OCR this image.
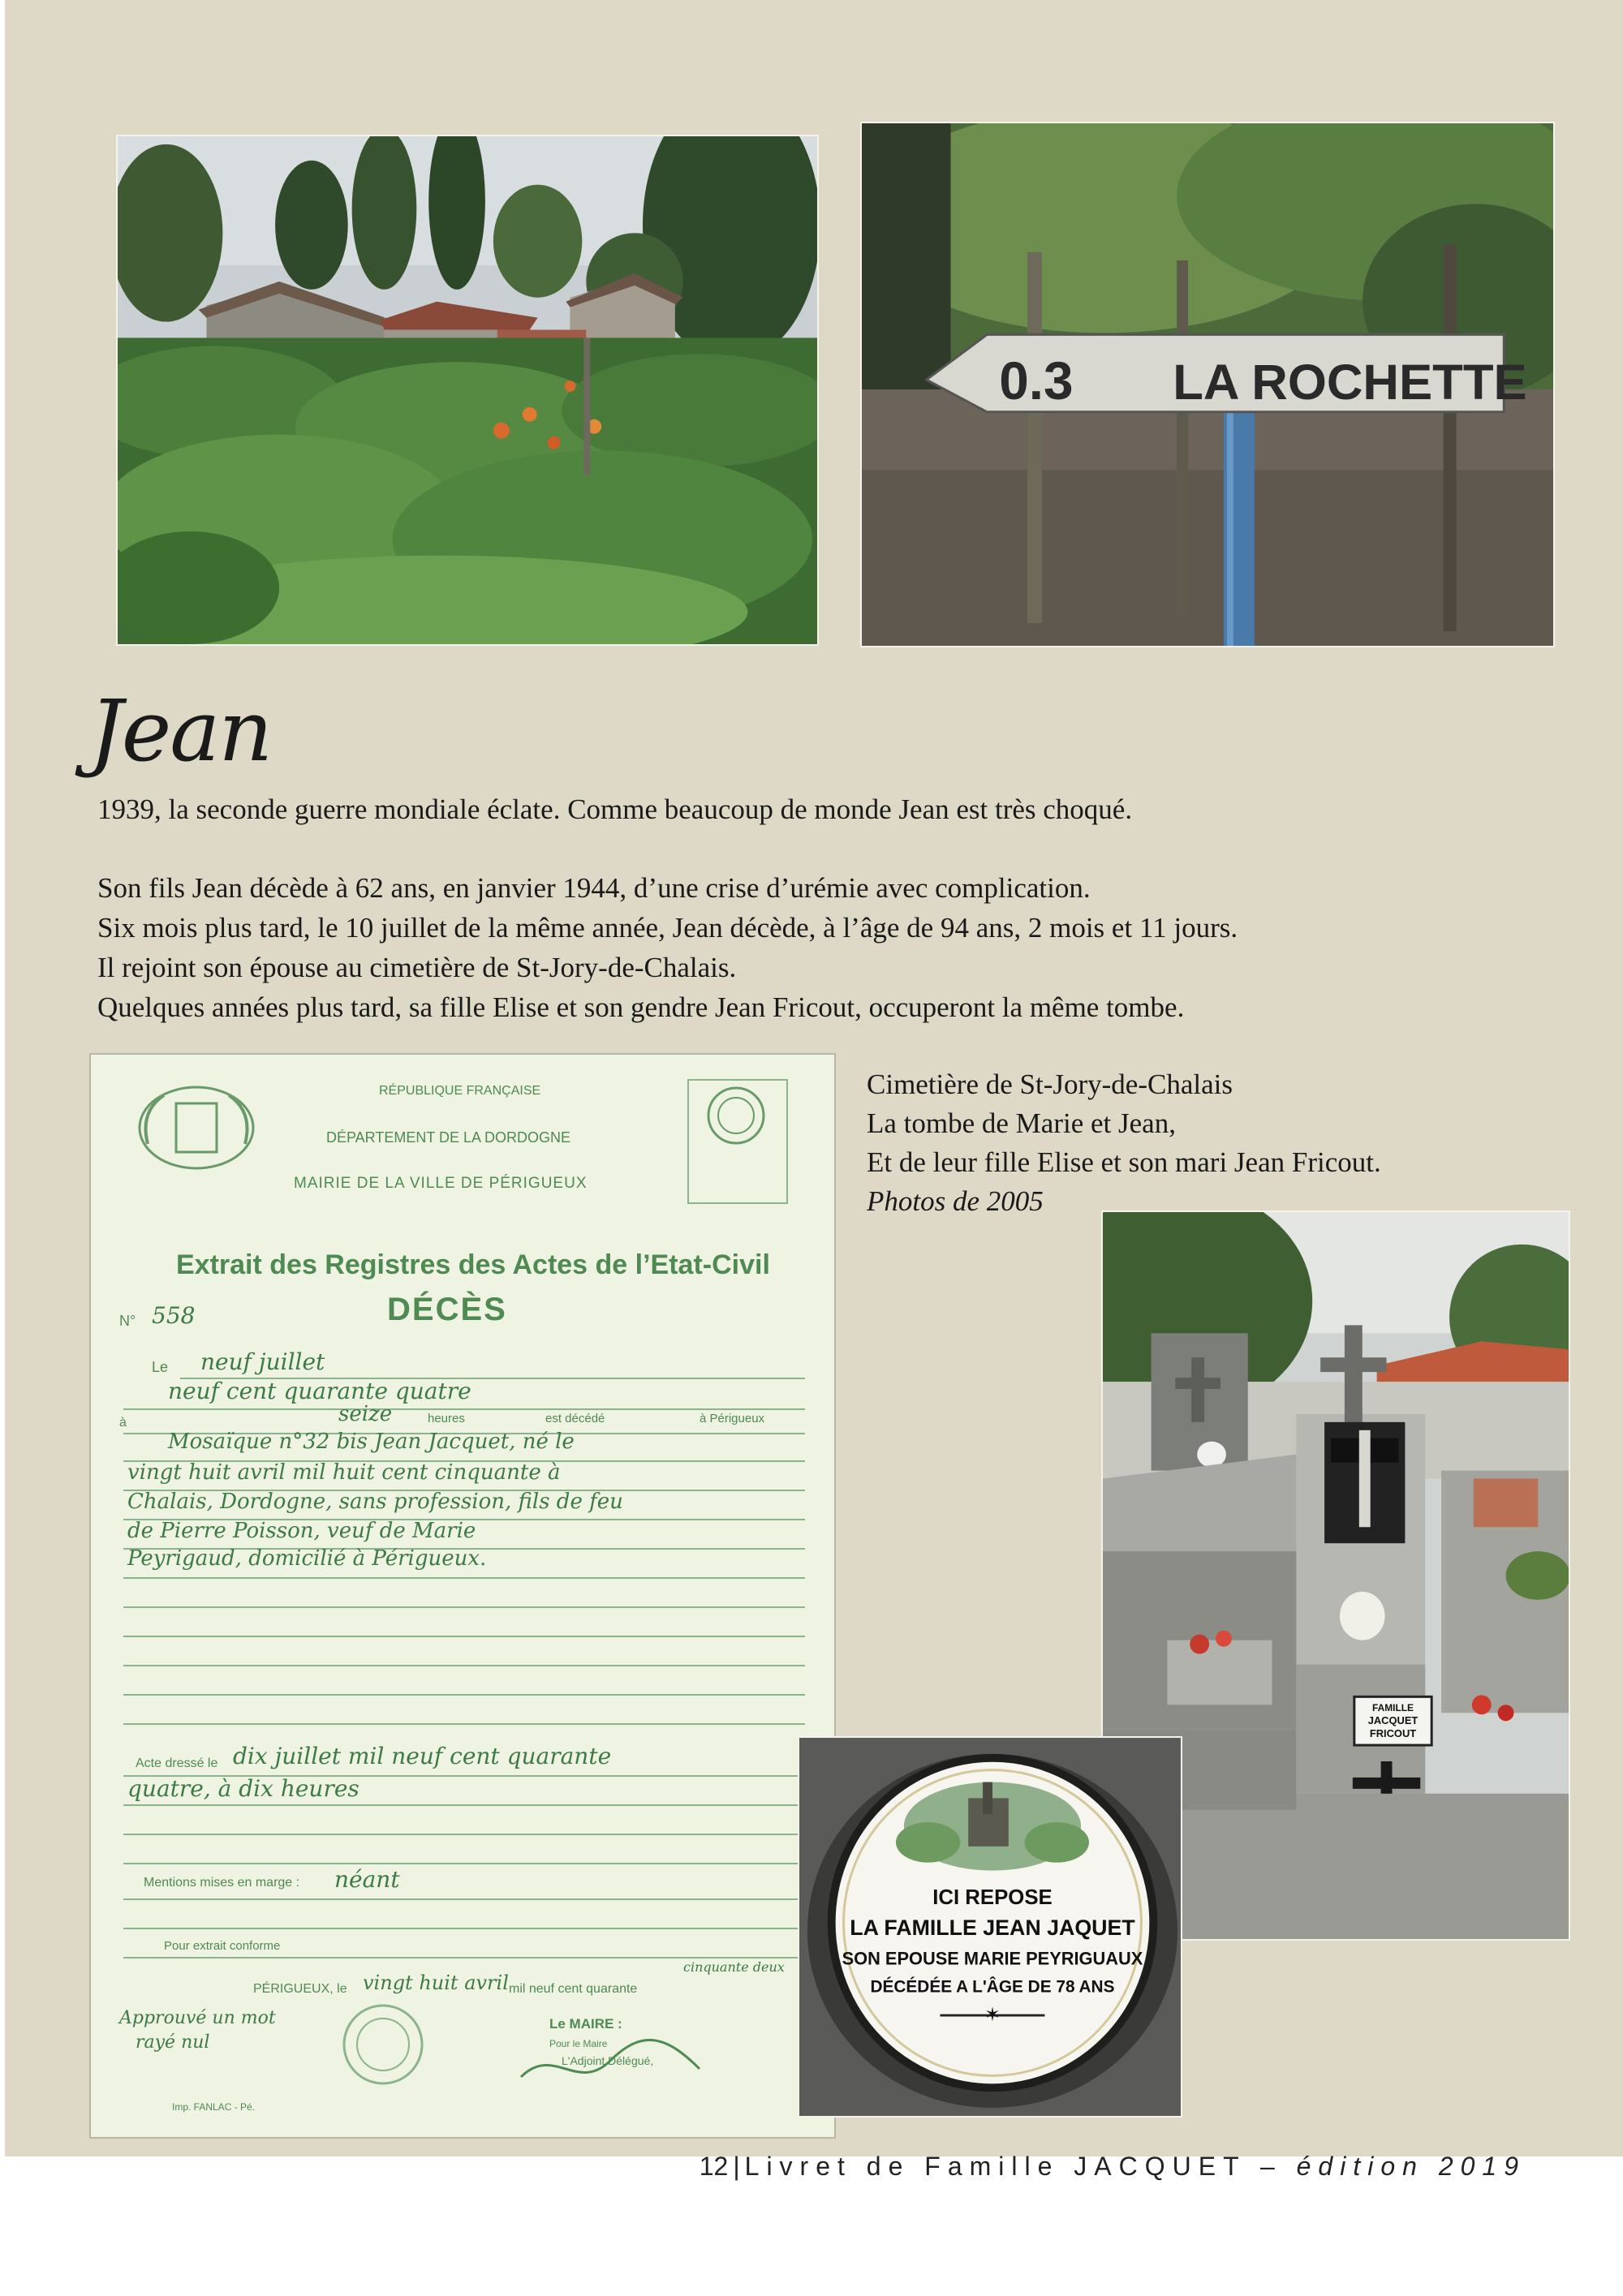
0.3 LA ROCHETTE
Jean
1939, la seconde guerre mondiale éclate. Comme beaucoup de monde Jean est très choqué.
Son fils Jean décède à 62 ans, en janvier 1944, d’une crise d’urémie avec complication.
Six mois plus tard, le 10 juillet de la même année, Jean décède, à l’âge de 94 ans, 2 mois et 11 jours.
Il rejoint son épouse au cimetière de St-Jory-de-Chalais.
Quelques années plus tard, sa fille Elise et son gendre Jean Fricout, occuperont la même tombe.
Cimetière de St-Jory-de-Chalais
La tombe de Marie et Jean,
Et de leur fille Elise et son mari Jean Fricout.
Photos de 2005
RÉPUBLIQUE FRANÇAISE
DÉPARTEMENT DE LA DORDOGNE
MAIRIE DE LA VILLE DE PÉRIGUEUX
Extrait des Registres des Actes de l’Etat-Civil
DÉCÈS
N° 558
Le neuf juillet
neuf cent quarante quatre
à	seize	heures	est décédé	à Périgueux
Mosaïque n°32 bis Jean Jacquet, né le
vingt huit avril mil huit cent cinquante à
Chalais, Dordogne, sans profession, fils de feu
de Pierre Poisson, veuf de Marie
Peyrigaud, domicilié à Périgueux.
Acte dressé le dix juillet mil neuf cent quarante
quatre, à dix heures
Mentions mises en marge : néant
Pour extrait conforme
cinquante deux
PÉRIGUEUX, le vingt huit avril mil neuf cent quarante
Approuvé un mot
rayé nul
Le MAIRE :
Pour le Maire
L'Adjoint Délégué,
Imp. FANLAC - Pé.
FAMILLE
JACQUET
FRICOUT
ICI REPOSE
LA FAMILLE JEAN JAQUET
SON EPOUSE MARIE PEYRIGUAUX
DÉCÉDÉE A L'ÂGE DE 78 ANS
✶
12 | Livret de Famille JACQUET – édition 2019
